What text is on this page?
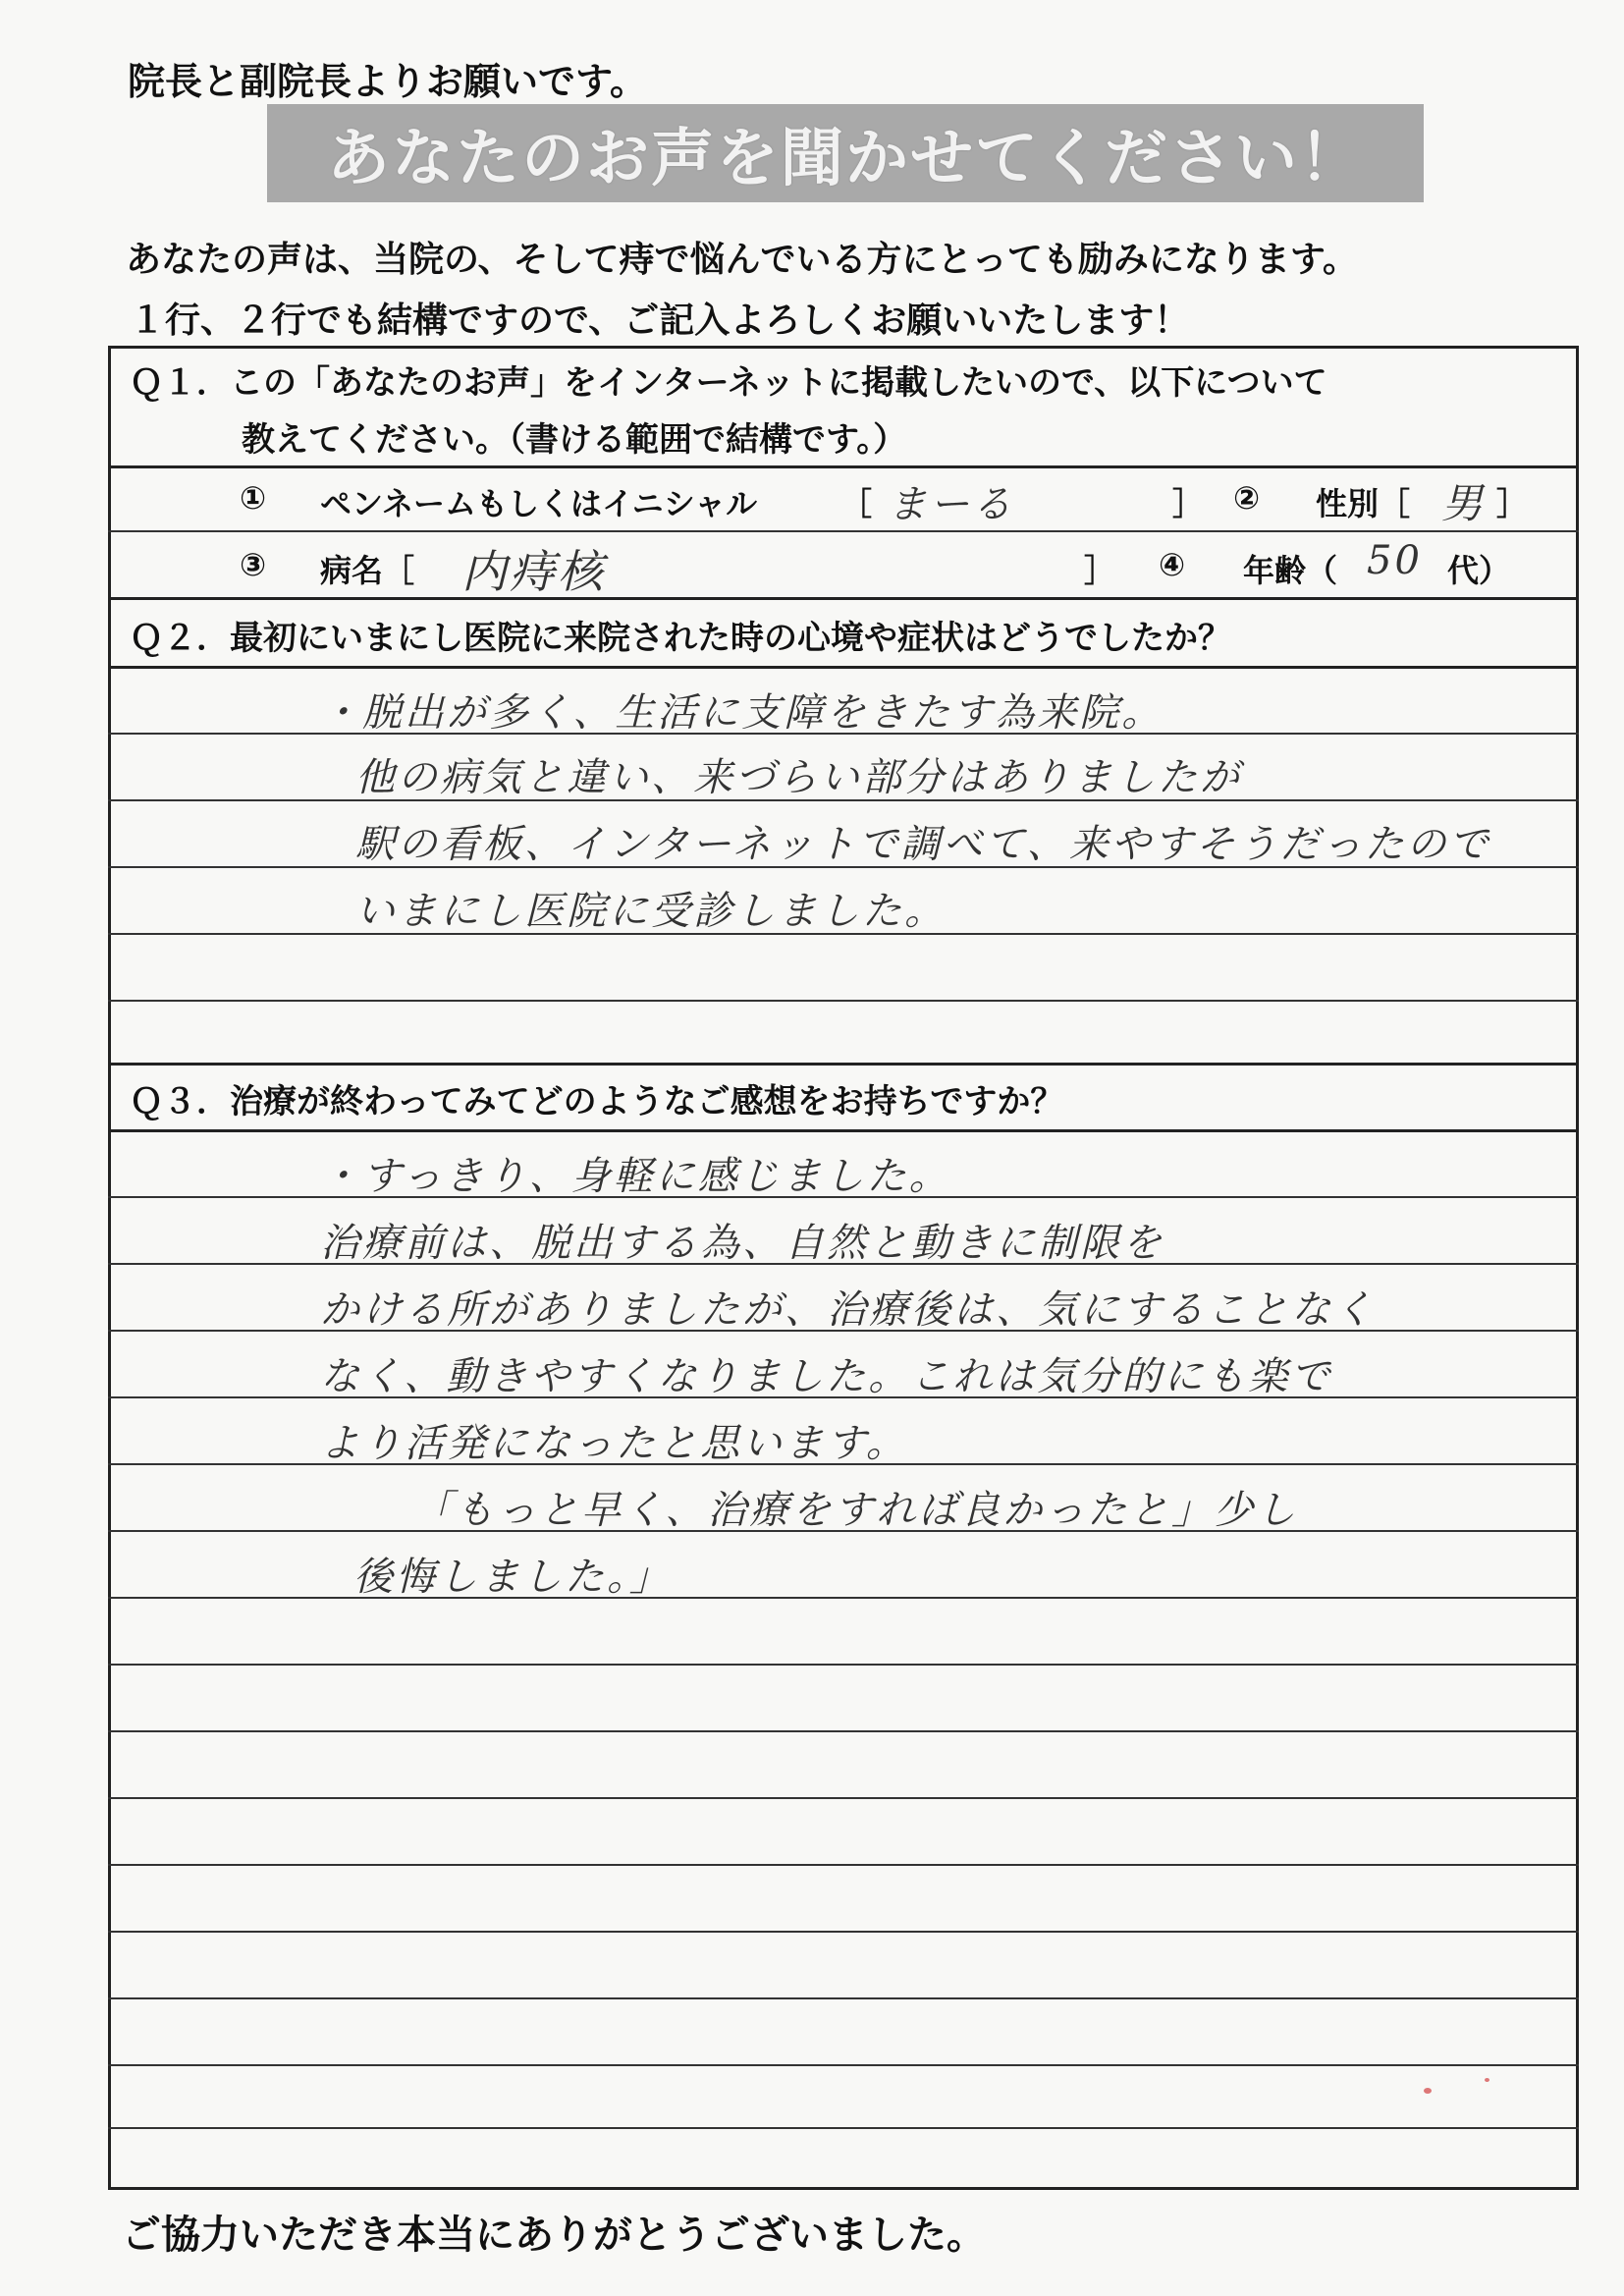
院長と副院長よりお願いです。
あなたのお声を聞かせてください！
あなたの声は、当院の、そして痔で悩んでいる方にとっても励みになります。
１行、２行でも結構ですので、ご記入よろしくお願いいたします！
Ｑ１．この「あなたのお声」をインターネットに掲載したいので、以下について
教えてください。（書ける範囲で結構です。）
① ペンネームもしくはイニシャル	［ まーる	］ ② 性別［ 男 ］
③ 病名［ 内痔核	］ ④ 年齢（ 50 代）
Ｑ２．最初にいまにし医院に来院された時の心境や症状はどうでしたか？
・脱出が多く、生活に支障をきたす為来院。
他の病気と違い、来づらい部分はありましたが
駅の看板、インターネットで調べて、来やすそうだったので
いまにし医院に受診しました。
Ｑ３．治療が終わってみてどのようなご感想をお持ちですか？
・すっきり、身軽に感じました。
治療前は、脱出する為、自然と動きに制限を
かける所がありましたが、治療後は、気にすることなく
なく、動きやすくなりました。これは気分的にも楽で
より活発になったと思います。
「もっと早く、治療をすれば良かったと」少し
後悔しました。」
ご協力いただき本当にありがとうございました。
